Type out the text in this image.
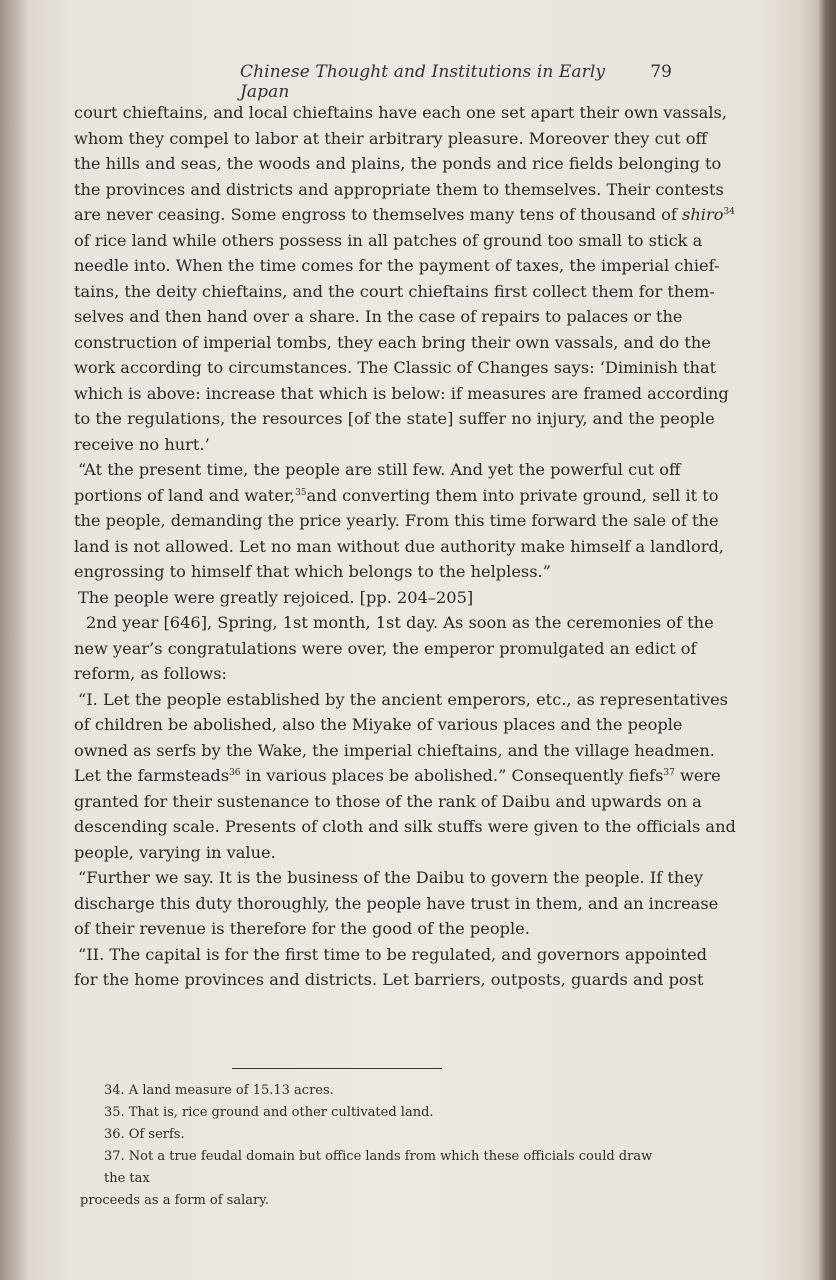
Chinese Thought and Institutions in Early Japan
79
court chieftains, and local chieftains have each one set apart their own vassals,
whom they compel to labor at their arbitrary pleasure. Moreover they cut off
the hills and seas, the woods and plains, the ponds and rice fields belonging to
the provinces and districts and appropriate them to themselves. Their contests
are never ceasing. Some engross to themselves many tens of thousand of shiro$^{34}$
of rice land while others possess in all patches of ground too small to stick a
needle into. When the time comes for the payment of taxes, the imperial chief-
tains, the deity chieftains, and the court chieftains first collect them for them-
selves and then hand over a share. In the case of repairs to palaces or the
construction of imperial tombs, they each bring their own vassals, and do the
work according to circumstances. The Classic of Changes says: ‘Diminish that
which is above: increase that which is below: if measures are framed according
to the regulations, the resources [of the state] suffer no injury, and the people
receive no hurt.’
“At the present time, the people are still few. And yet the powerful cut off
portions of land and water,$^{35}$and converting them into private ground, sell it to
the people, demanding the price yearly. From this time forward the sale of the
land is not allowed. Let no man without due authority make himself a landlord,
engrossing to himself that which belongs to the helpless.”
The people were greatly rejoiced. [pp. 204–205]
2nd year [646], Spring, 1st month, 1st day. As soon as the ceremonies of the
new year’s congratulations were over, the emperor promulgated an edict of
reform, as follows:
“I. Let the people established by the ancient emperors, etc., as representatives
of children be abolished, also the Miyake of various places and the people
owned as serfs by the Wake, the imperial chieftains, and the village headmen.
Let the farmsteads$^{36}$ in various places be abolished.” Consequently fiefs$^{37}$ were
granted for their sustenance to those of the rank of Daibu and upwards on a
descending scale. Presents of cloth and silk stuffs were given to the officials and
people, varying in value.
“Further we say. It is the business of the Daibu to govern the people. If they
discharge this duty thoroughly, the people have trust in them, and an increase
of their revenue is therefore for the good of the people.
“II. The capital is for the first time to be regulated, and governors appointed
for the home provinces and districts. Let barriers, outposts, guards and post
34. A land measure of 15.13 acres.
35. That is, rice ground and other cultivated land.
36. Of serfs.
37. Not a true feudal domain but office lands from which these officials could draw the tax
proceeds as a form of salary.
